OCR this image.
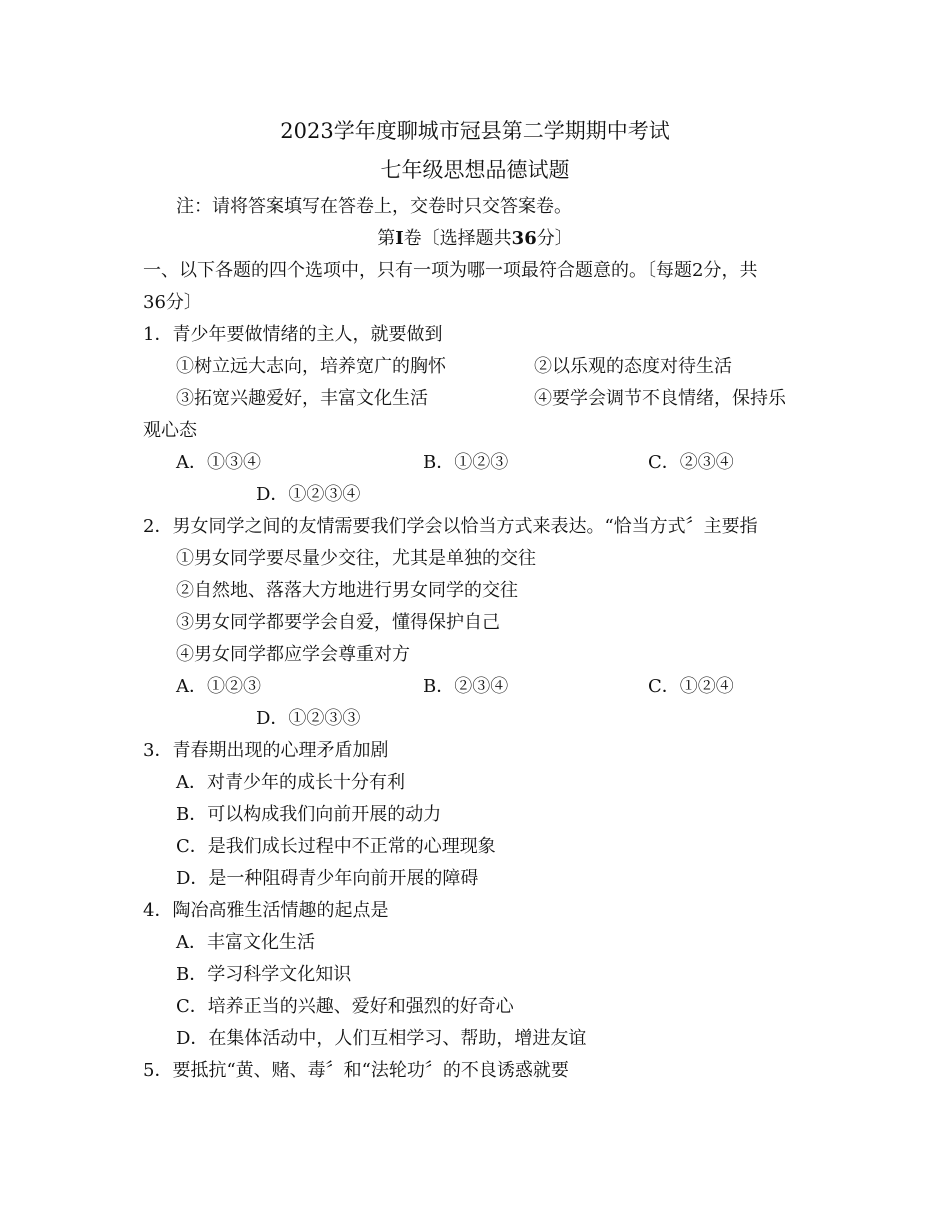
2023学年度聊城市冠县第二学期期中考试
七年级思想品德试题
注：请将答案填写在答卷上，交卷时只交答案卷。
第I卷〔选择题共36分〕
一、以下各题的四个选项中，只有一项为哪一项最符合题意的。〔每题2分，共
36分〕
1．青少年要做情绪的主人，就要做到
①树立远大志向，培养宽广的胸怀	②以乐观的态度对待生活
③拓宽兴趣爱好，丰富文化生活	④要学会调节不良情绪，保持乐
观心态
A．①③④	B．①②③	C．②③④
D．①②③④
2．男女同学之间的友情需要我们学会以恰当方式来表达。“恰当方式〞主要指
①男女同学要尽量少交往，尤其是单独的交往
②自然地、落落大方地进行男女同学的交往
③男女同学都要学会自爱，懂得保护自己
④男女同学都应学会尊重对方
A．①②③	B．②③④	C．①②④
D．①②③③
3．青春期出现的心理矛盾加剧
A．对青少年的成长十分有利
B．可以构成我们向前开展的动力
C．是我们成长过程中不正常的心理现象
D．是一种阻碍青少年向前开展的障碍
4．陶冶高雅生活情趣的起点是
A．丰富文化生活
B．学习科学文化知识
C．培养正当的兴趣、爱好和强烈的好奇心
D．在集体活动中，人们互相学习、帮助，增进友谊
5．要抵抗“黄、赌、毒〞和“法轮功〞的不良诱惑就要
